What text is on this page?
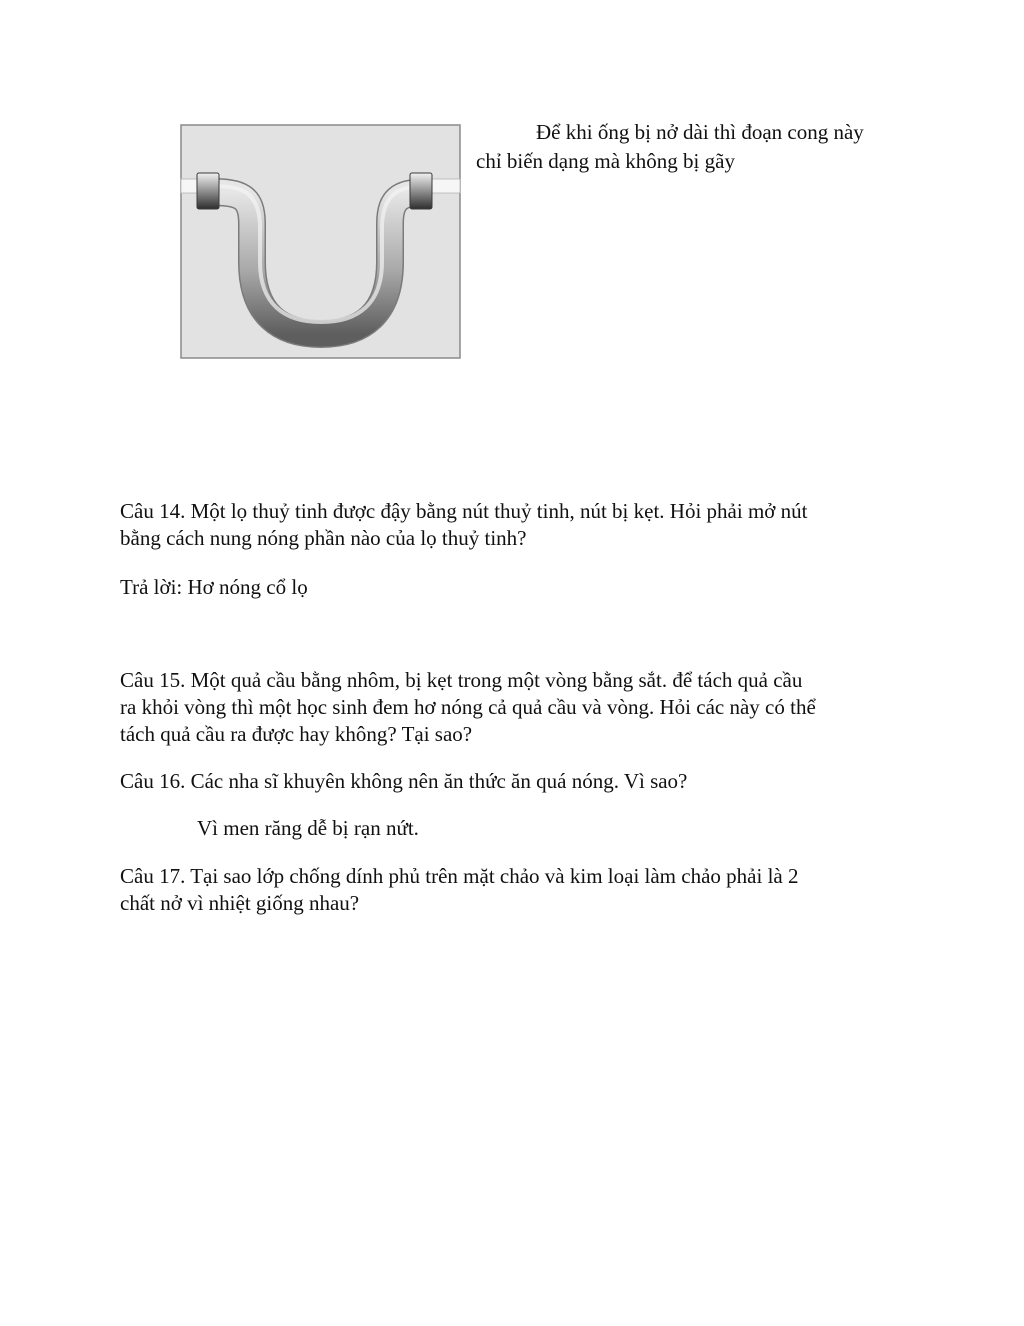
Để khi ống bị nở dài thì đoạn cong này
chỉ biến dạng mà không bị gãy

Câu 14. Một lọ thuỷ tinh được đậy bằng nút thuỷ tinh, nút bị kẹt. Hỏi phải mở nút
bằng cách nung nóng phần nào của lọ thuỷ tinh?

Trả lời: Hơ nóng cổ lọ

Câu 15. Một quả cầu bằng nhôm, bị kẹt trong một vòng bằng sắt. để tách quả cầu
ra khỏi vòng thì một học sinh đem hơ nóng cả quả cầu và vòng. Hỏi các này có thể
tách quả cầu ra được hay không? Tại sao?

Câu 16. Các nha sĩ khuyên không nên ăn thức ăn quá nóng. Vì sao?

Vì men răng dễ bị rạn nứt.

Câu 17. Tại sao lớp chống dính phủ trên mặt chảo và kim loại làm chảo phải là 2
chất nở vì nhiệt giống nhau?
